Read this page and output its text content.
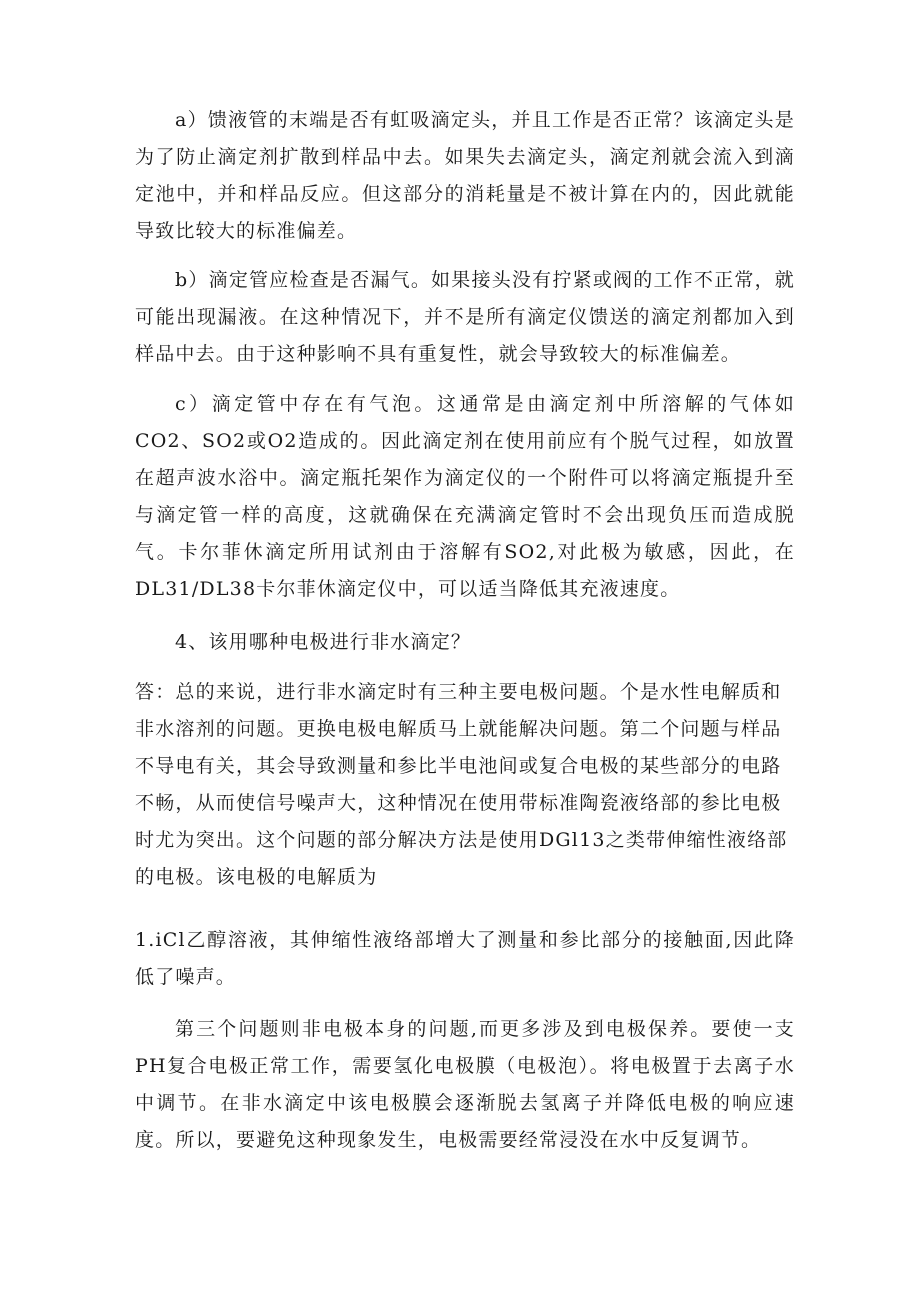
a）馈液管的末端是否有虹吸滴定头，并且工作是否正常？该滴定头是为了防止滴定剂扩散到样品中去。如果失去滴定头，滴定剂就会流入到滴定池中，并和样品反应。但这部分的消耗量是不被计算在内的，因此就能导致比较大的标准偏差。

b）滴定管应检查是否漏气。如果接头没有拧紧或阀的工作不正常，就可能出现漏液。在这种情况下，并不是所有滴定仪馈送的滴定剂都加入到样品中去。由于这种影响不具有重复性，就会导致较大的标准偏差。

c）滴定管中存在有气泡。这通常是由滴定剂中所溶解的气体如CO2、SO2或O2造成的。因此滴定剂在使用前应有个脱气过程，如放置在超声波水浴中。滴定瓶托架作为滴定仪的一个附件可以将滴定瓶提升至与滴定管一样的高度，这就确保在充满滴定管时不会出现负压而造成脱气。卡尔菲休滴定所用试剂由于溶解有SO2,对此极为敏感，因此，在DL31/DL38卡尔菲休滴定仪中，可以适当降低其充液速度。

4、该用哪种电极进行非水滴定？

答：总的来说，进行非水滴定时有三种主要电极问题。个是水性电解质和
非水溶剂的问题。更换电极电解质马上就能解决问题。第二个问题与样品
不导电有关，其会导致测量和参比半电池间或复合电极的某些部分的电路
不畅，从而使信号噪声大，这种情况在使用带标准陶瓷液络部的参比电极
时尤为突出。这个问题的部分解决方法是使用DGl13之类带伸缩性液络部
的电极。该电极的电解质为

1.iCl乙醇溶液，其伸缩性液络部增大了测量和参比部分的接触面,因此降低了噪声。

第三个问题则非电极本身的问题,而更多涉及到电极保养。要使一支PH复合电极正常工作，需要氢化电极膜（电极泡）。将电极置于去离子水中调节。在非水滴定中该电极膜会逐渐脱去氢离子并降低电极的响应速度。所以，要避免这种现象发生，电极需要经常浸没在水中反复调节。
